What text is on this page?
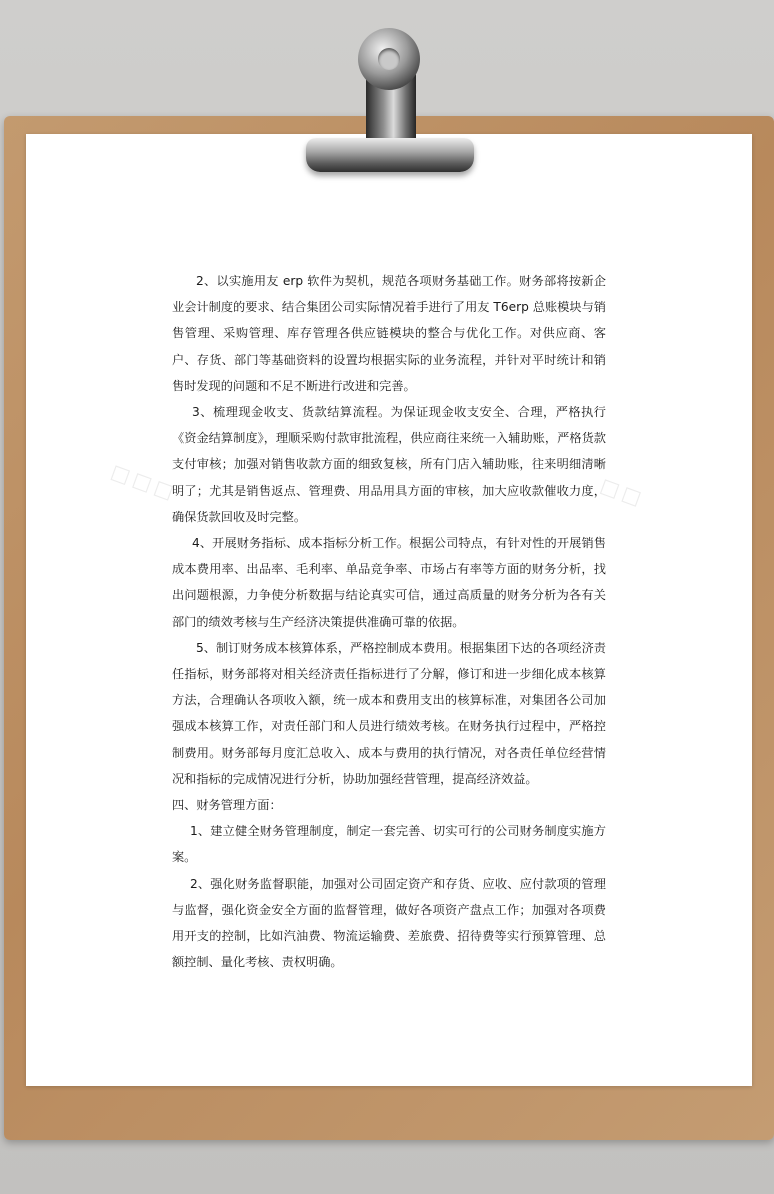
□□□	□□

2、以实施用友 erp 软件为契机，规范各项财务基础工作。财务部将按新企业会计制度的要求、结合集团公司实际情况着手进行了用友 T6erp 总账模块与销售管理、采购管理、库存管理各供应链模块的整合与优化工作。对供应商、客户、存货、部门等基础资料的设置均根据实际的业务流程，并针对平时统计和销售时发现的问题和不足不断进行改进和完善。

3、梳理现金收支、货款结算流程。为保证现金收支安全、合理，严格执行《资金结算制度》，理顺采购付款审批流程，供应商往来统一入辅助账，严格货款支付审核；加强对销售收款方面的细致复核，所有门店入辅助账，往来明细清晰明了；尤其是销售返点、管理费、用品用具方面的审核，加大应收款催收力度，确保货款回收及时完整。

4、开展财务指标、成本指标分析工作。根据公司特点，有针对性的开展销售成本费用率、出品率、毛利率、单品竞争率、市场占有率等方面的财务分析，找出问题根源，力争使分析数据与结论真实可信，通过高质量的财务分析为各有关部门的绩效考核与生产经济决策提供准确可靠的依据。

5、制订财务成本核算体系，严格控制成本费用。根据集团下达的各项经济责任指标，财务部将对相关经济责任指标进行了分解，修订和进一步细化成本核算方法，合理确认各项收入额，统一成本和费用支出的核算标准，对集团各公司加强成本核算工作，对责任部门和人员进行绩效考核。在财务执行过程中，严格控制费用。财务部每月度汇总收入、成本与费用的执行情况，对各责任单位经营情况和指标的完成情况进行分析，协助加强经营管理，提高经济效益。

四、财务管理方面：

1、建立健全财务管理制度，制定一套完善、切实可行的公司财务制度实施方案。

2、强化财务监督职能，加强对公司固定资产和存货、应收、应付款项的管理与监督，强化资金安全方面的监督管理，做好各项资产盘点工作；加强对各项费用开支的控制，比如汽油费、物流运输费、差旅费、招待费等实行预算管理、总额控制、量化考核、责权明确。
